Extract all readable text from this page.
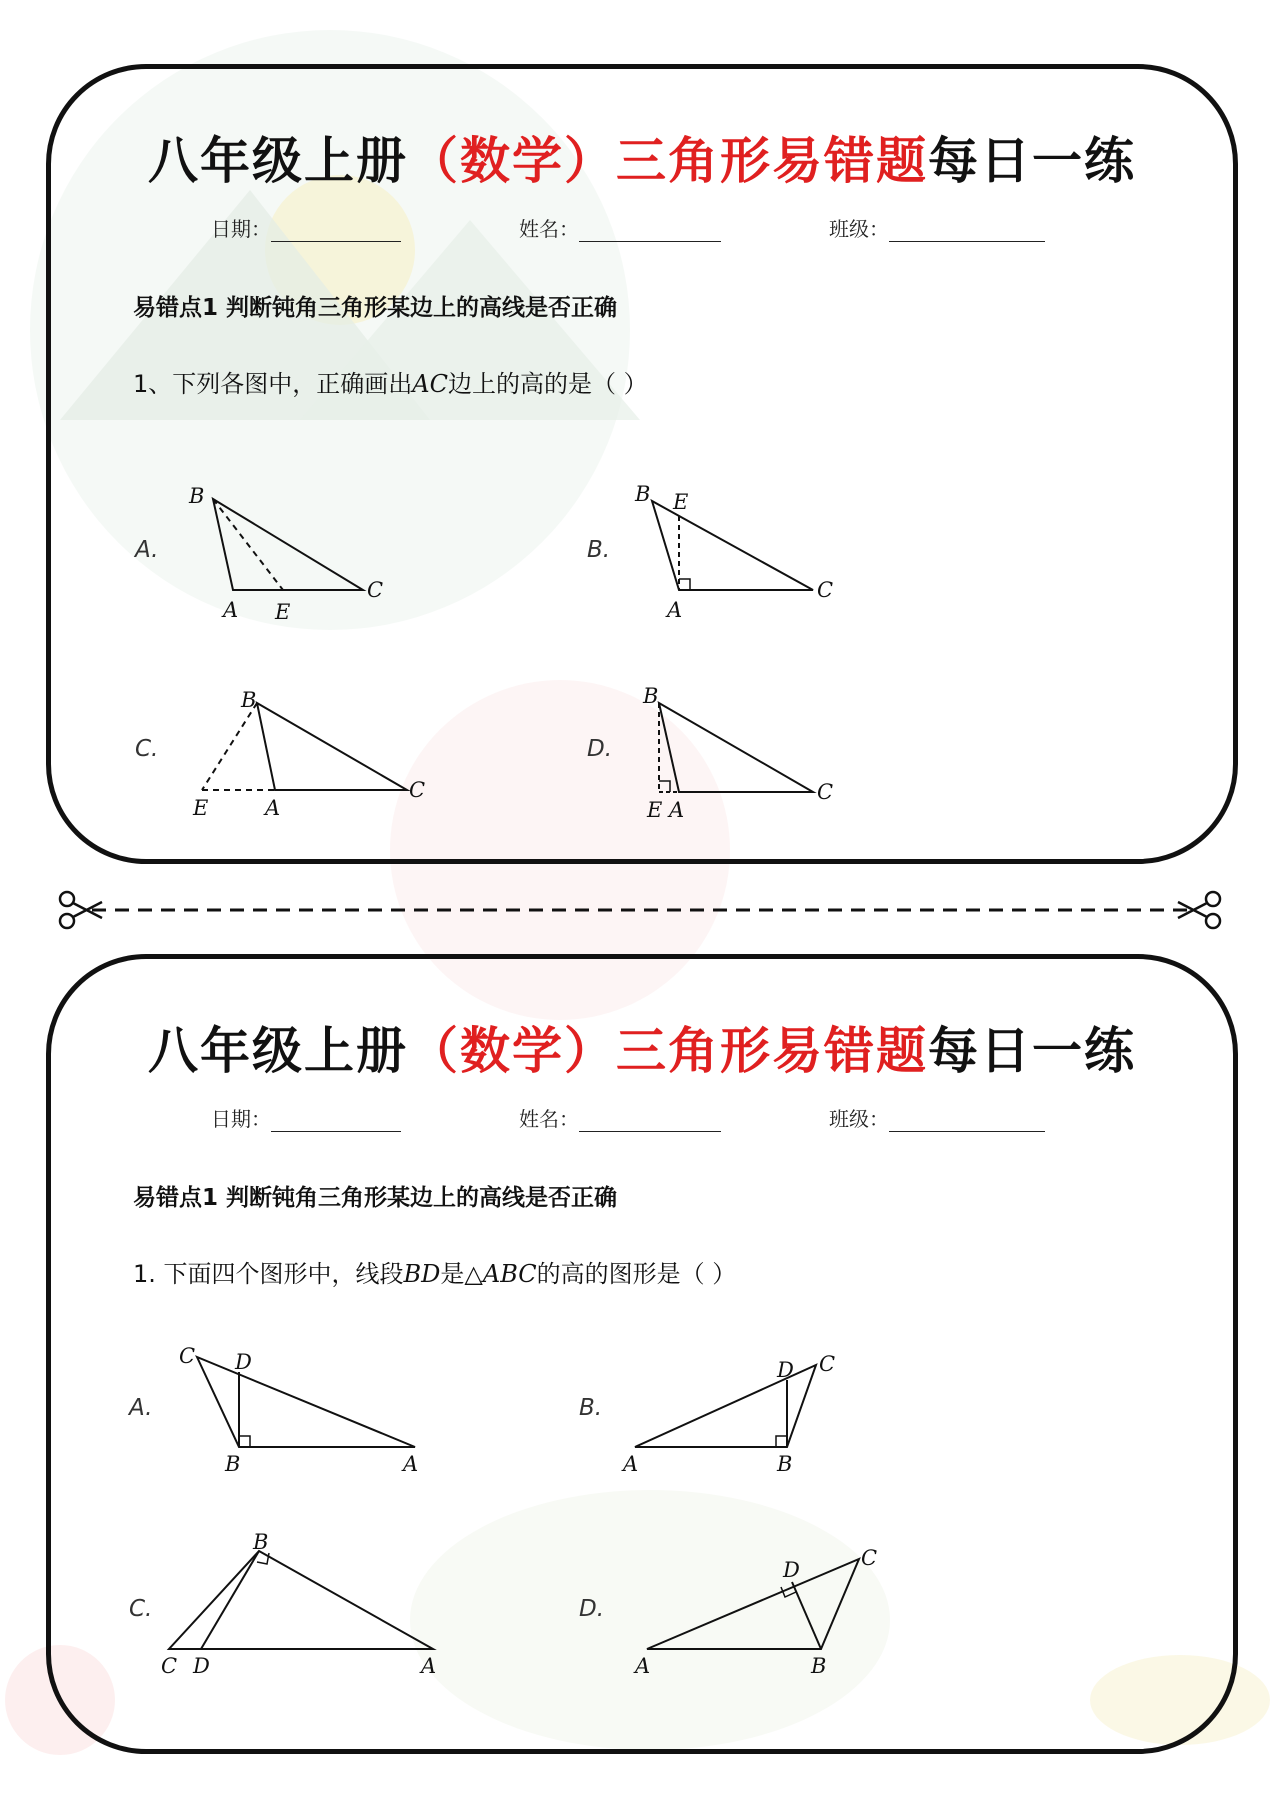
八年级上册（数学）三角形易错题每日一练
日期：	姓名：	班级：
易错点1 判断钝角三角形某边上的高线是否正确
1、下列各图中，正确画出AC边上的高的是（ ）
A.
B
A E
C
B.
B E
A
C
C.
B
E	A
C
D.
B
E A
C
八年级上册（数学）三角形易错题每日一练
日期：	姓名：	班级：
易错点1 判断钝角三角形某边上的高线是否正确
1. 下面四个图形中，线段BD是△ABC的高的图形是（ ）
A.
C D
B	A
B.
D C
A	B
C.
B
C D	A
D.
D	C
A	B
